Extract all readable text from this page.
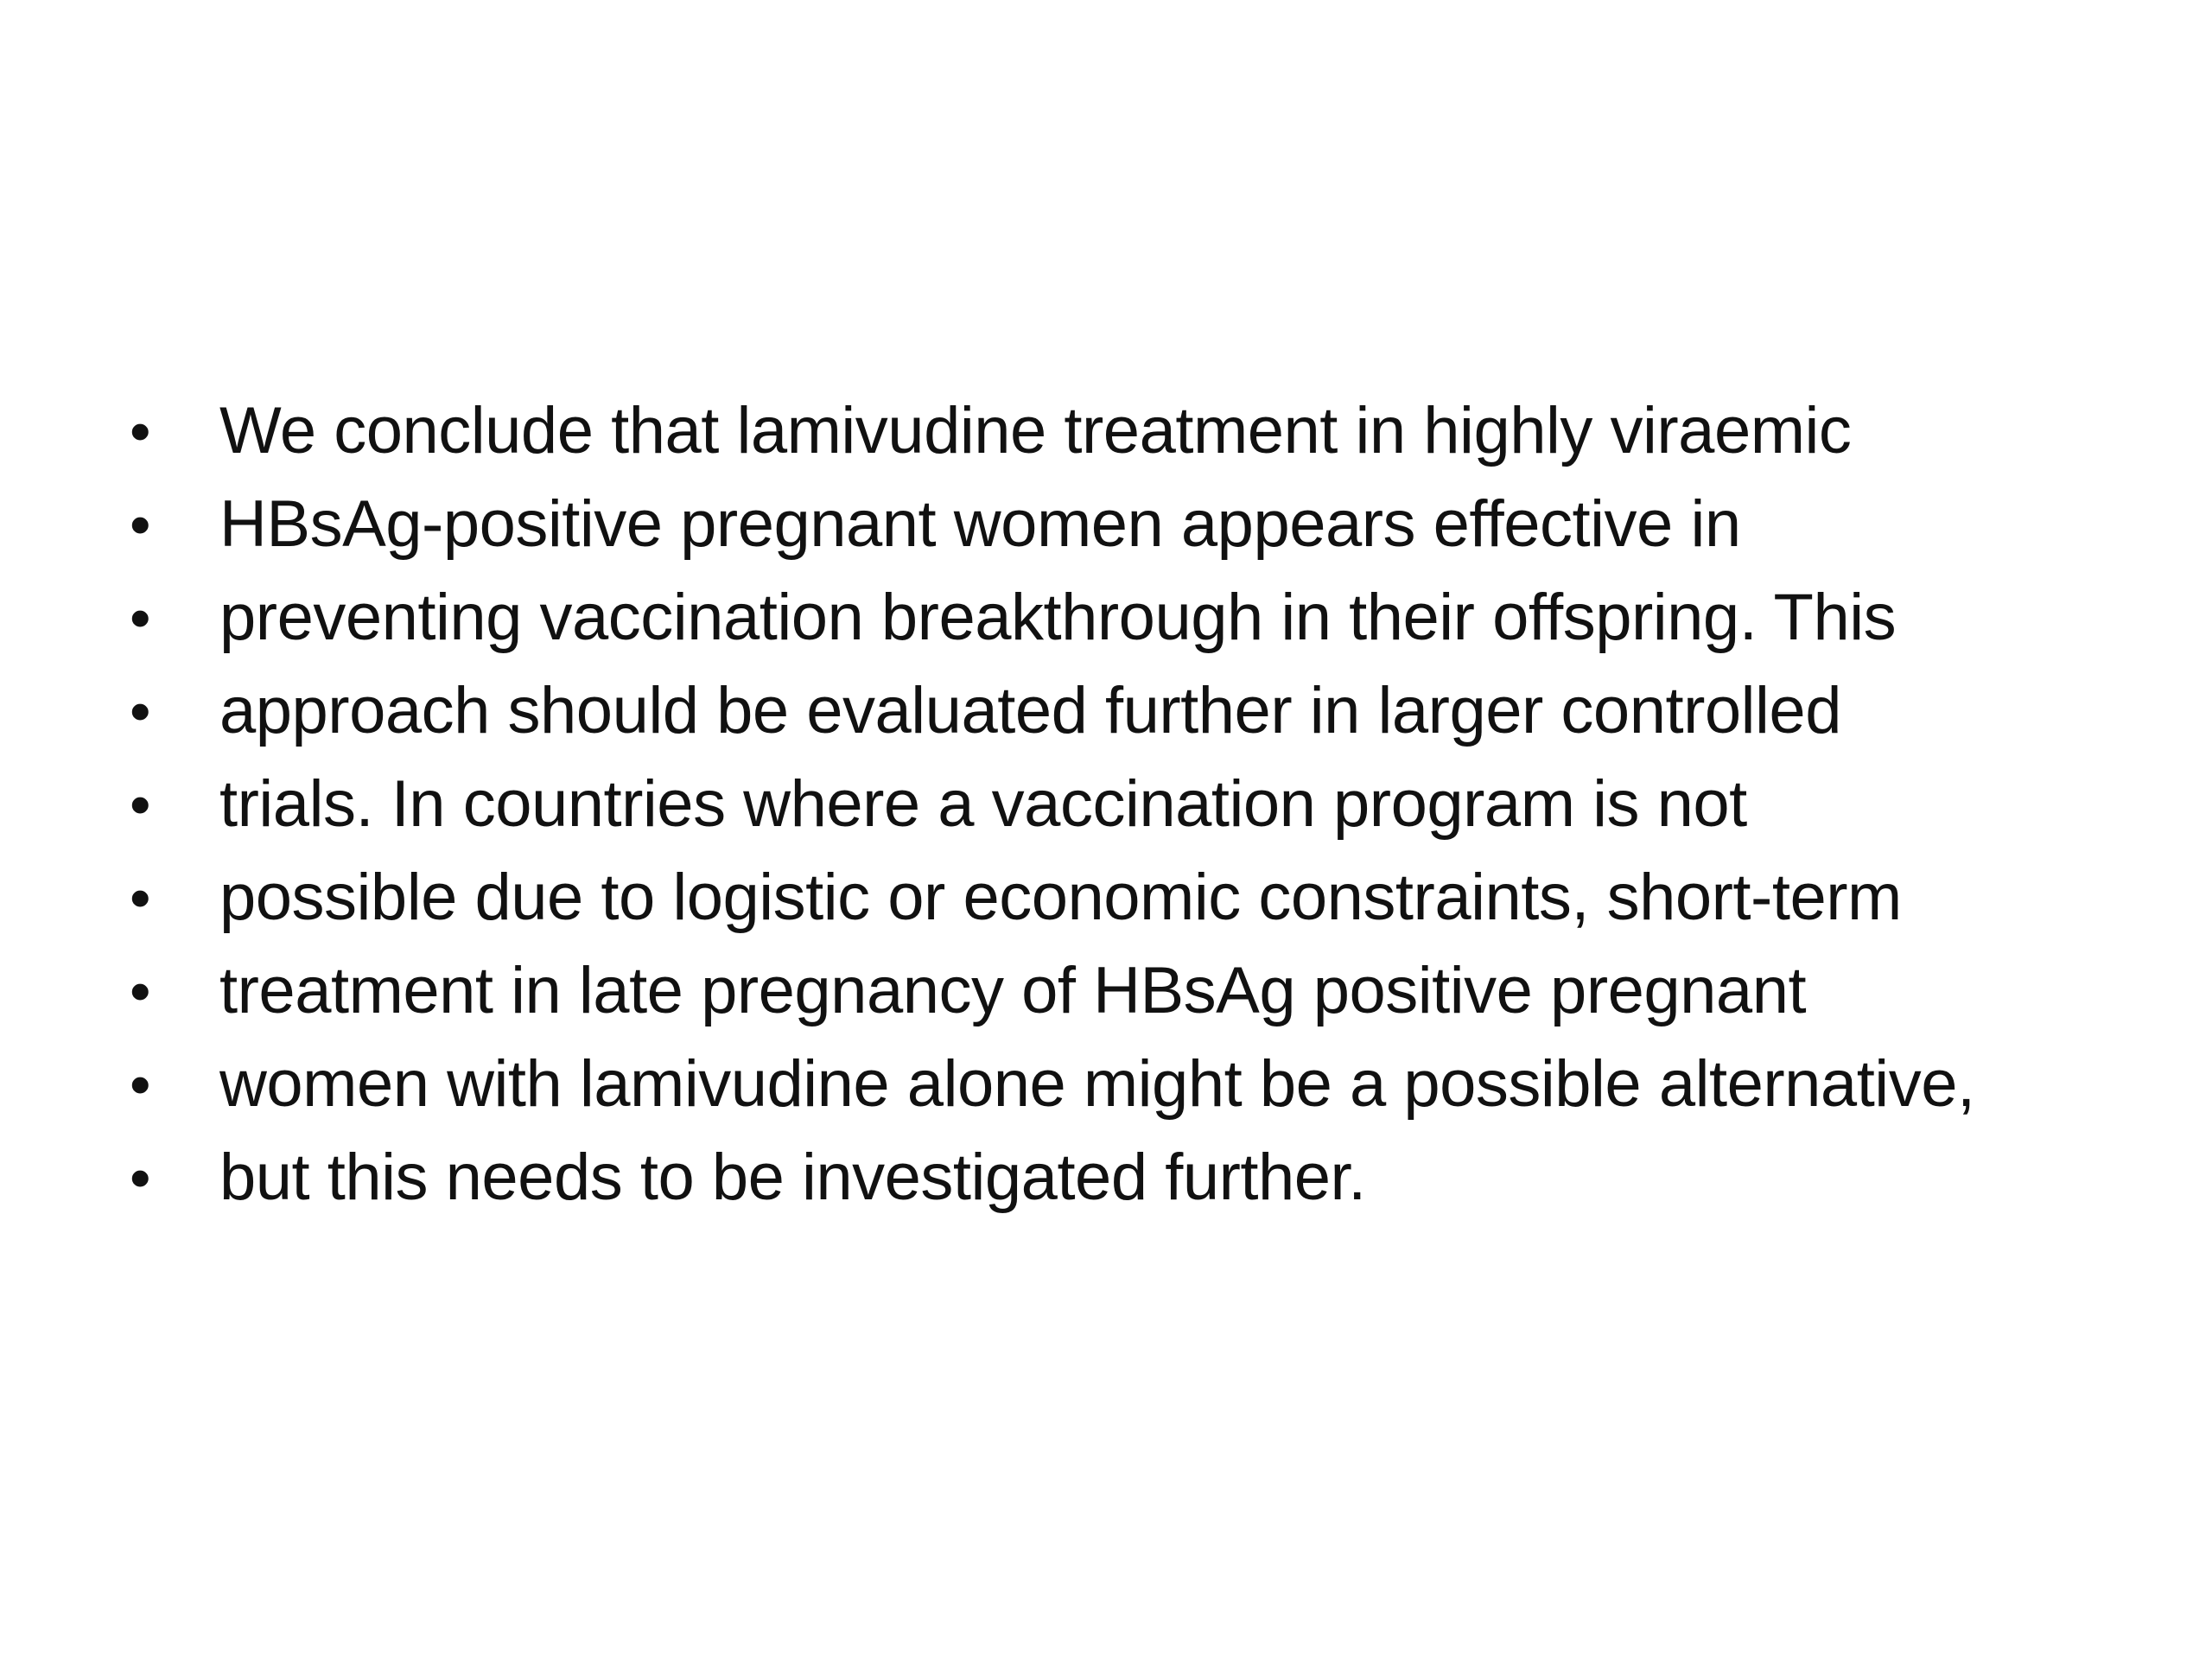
•	We conclude that lamivudine treatment in highly viraemic
•	HBsAg-positive pregnant women appears effective in
•	preventing vaccination breakthrough in their offspring. This
•	approach should be evaluated further in larger controlled
•	trials. In countries where a vaccination program is not
•	possible due to logistic or economic constraints, short-term
•	treatment in late pregnancy of HBsAg positive pregnant
•	women with lamivudine alone might be a possible alternative,
•	but this needs to be investigated further.
